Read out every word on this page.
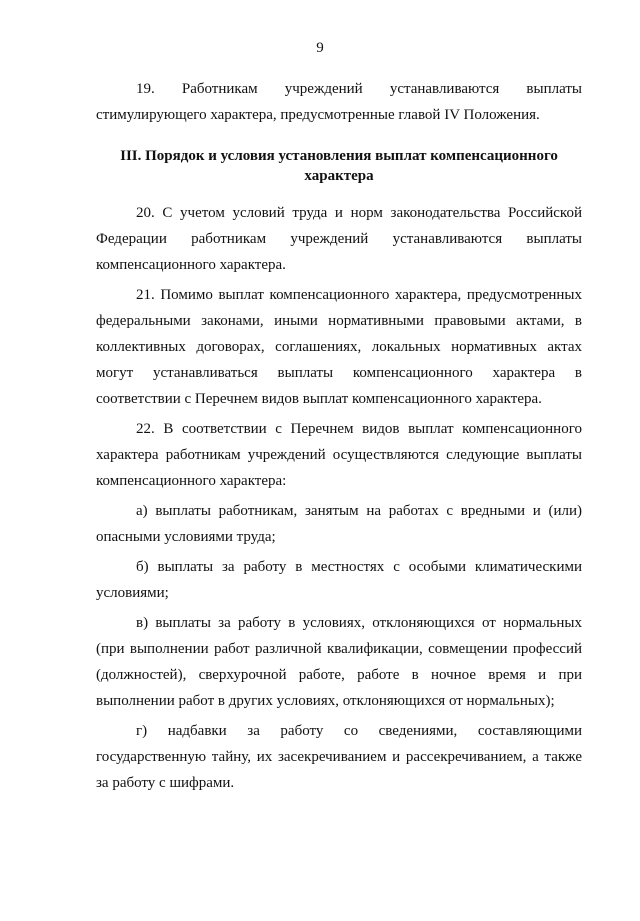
9

19. Работникам учреждений устанавливаются выплаты стимулирующего характера, предусмотренные главой IV Положения.

III. Порядок и условия установления выплат компенсационного характера

20. С учетом условий труда и норм законодательства Российской Федерации работникам учреждений устанавливаются выплаты компенсационного характера.

21. Помимо выплат компенсационного характера, предусмотренных федеральными законами, иными нормативными правовыми актами, в коллективных договорах, соглашениях, локальных нормативных актах могут устанавливаться выплаты компенсационного характера в соответствии с Перечнем видов выплат компенсационного характера.

22. В соответствии с Перечнем видов выплат компенсационного характера работникам учреждений осуществляются следующие выплаты компенсационного характера:

а) выплаты работникам, занятым на работах с вредными и (или) опасными условиями труда;

б) выплаты за работу в местностях с особыми климатическими условиями;

в) выплаты за работу в условиях, отклоняющихся от нормальных (при выполнении работ различной квалификации, совмещении профессий (должностей), сверхурочной работе, работе в ночное время и при выполнении работ в других условиях, отклоняющихся от нормальных);

г) надбавки за работу со сведениями, составляющими государственную тайну, их засекречиванием и рассекречиванием, а также за работу с шифрами.
